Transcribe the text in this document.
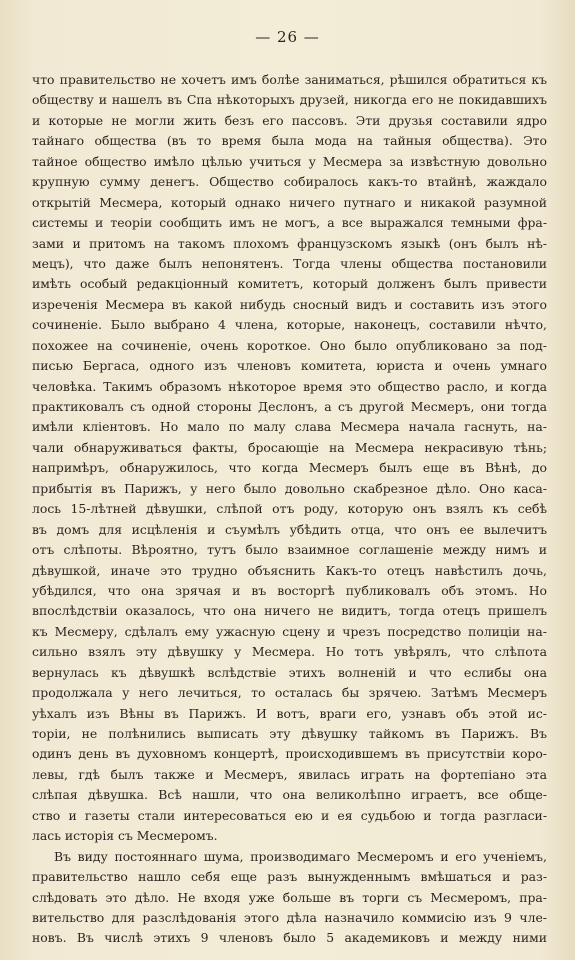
— 26 —
что правительство не хочетъ имъ болѣе заниматься, рѣшился обратиться къ
обществу и нашелъ въ Спа нѣкоторыхъ друзей, никогда его не покидавшихъ
и которые не могли жить безъ его пассовъ. Эти друзья составили ядро
тайнаго общества (въ то время была мода на тайныя общества). Это
тайное общество имѣло цѣлью учиться у Месмера за извѣстную довольно
крупную сумму денегъ. Общество собиралось какъ-то втайнѣ, жаждало
открытій Месмера, который однако ничего путнаго и никакой разумной
системы и теоріи сообщить имъ не могъ, а все выражался темными фра-
зами и притомъ на такомъ плохомъ французскомъ языкѣ (онъ былъ нѣ-
мецъ), что даже былъ непонятенъ. Тогда члены общества постановили
имѣть особый редакціонный комитетъ, который долженъ былъ привести
изреченія Месмера въ какой нибудь сносный видъ и составить изъ этого
сочиненіе. Было выбрано 4 члена, которые, наконецъ, составили нѣчто,
похожее на сочиненіе, очень короткое. Оно было опубликовано за под-
писью Бергаса, одного изъ членовъ комитета, юриста и очень умнаго
человѣка. Такимъ образомъ нѣкоторое время это общество расло, и когда
практиковалъ съ одной стороны Деслонъ, а съ другой Месмеръ, они тогда
имѣли кліентовъ. Но мало по малу слава Месмера начала гаснуть, на-
чали обнаруживаться факты, бросающіе на Месмера некрасивую тѣнь;
напримѣръ, обнаружилось, что когда Месмеръ былъ еще въ Вѣнѣ, до
прибытія въ Парижъ, у него было довольно скабрезное дѣло. Оно каса-
лось 15-лѣтней дѣвушки, слѣпой отъ роду, которую онъ взялъ къ себѣ
въ домъ для исцѣленія и съумѣлъ убѣдить отца, что онъ ее вылечитъ
отъ слѣпоты. Вѣроятно, тутъ было взаимное соглашеніе между нимъ и
дѣвушкой, иначе это трудно объяснить Какъ-то отецъ навѣстилъ дочь,
убѣдился, что она зрячая и въ восторгѣ публиковалъ объ этомъ. Но
впослѣдствіи оказалось, что она ничего не видитъ, тогда отецъ пришелъ
къ Месмеру, сдѣлалъ ему ужасную сцену и чрезъ посредство полиціи на-
сильно взялъ эту дѣвушку у Месмера. Но тотъ увѣрялъ, что слѣпота
вернулась къ дѣвушкѣ вслѣдствіе этихъ волненій и что еслибы она
продолжала у него лечиться, то осталась бы зрячею. Затѣмъ Месмеръ
уѣхалъ изъ Вѣны въ Парижъ. И вотъ, враги его, узнавъ объ этой ис-
торіи, не полѣнились выписать эту дѣвушку тайкомъ въ Парижъ. Въ
одинъ день въ духовномъ концертѣ, происходившемъ въ присутствіи коро-
левы, гдѣ былъ также и Месмеръ, явилась играть на фортепіано эта
слѣпая дѣвушка. Всѣ нашли, что она великолѣпно играетъ, все обще-
ство и газеты стали интересоваться ею и ея судьбою и тогда разгласи-
лась исторія съ Месмеромъ.
Въ виду постояннаго шума, производимаго Месмеромъ и его ученіемъ,
правительство нашло себя еще разъ вынужденнымъ вмѣшаться и раз-
слѣдовать это дѣло. Не входя уже больше въ торги съ Месмеромъ, пра-
вительство для разслѣдованія этого дѣла назначило коммисію изъ 9 чле-
новъ. Въ числѣ этихъ 9 членовъ было 5 академиковъ и между ними
